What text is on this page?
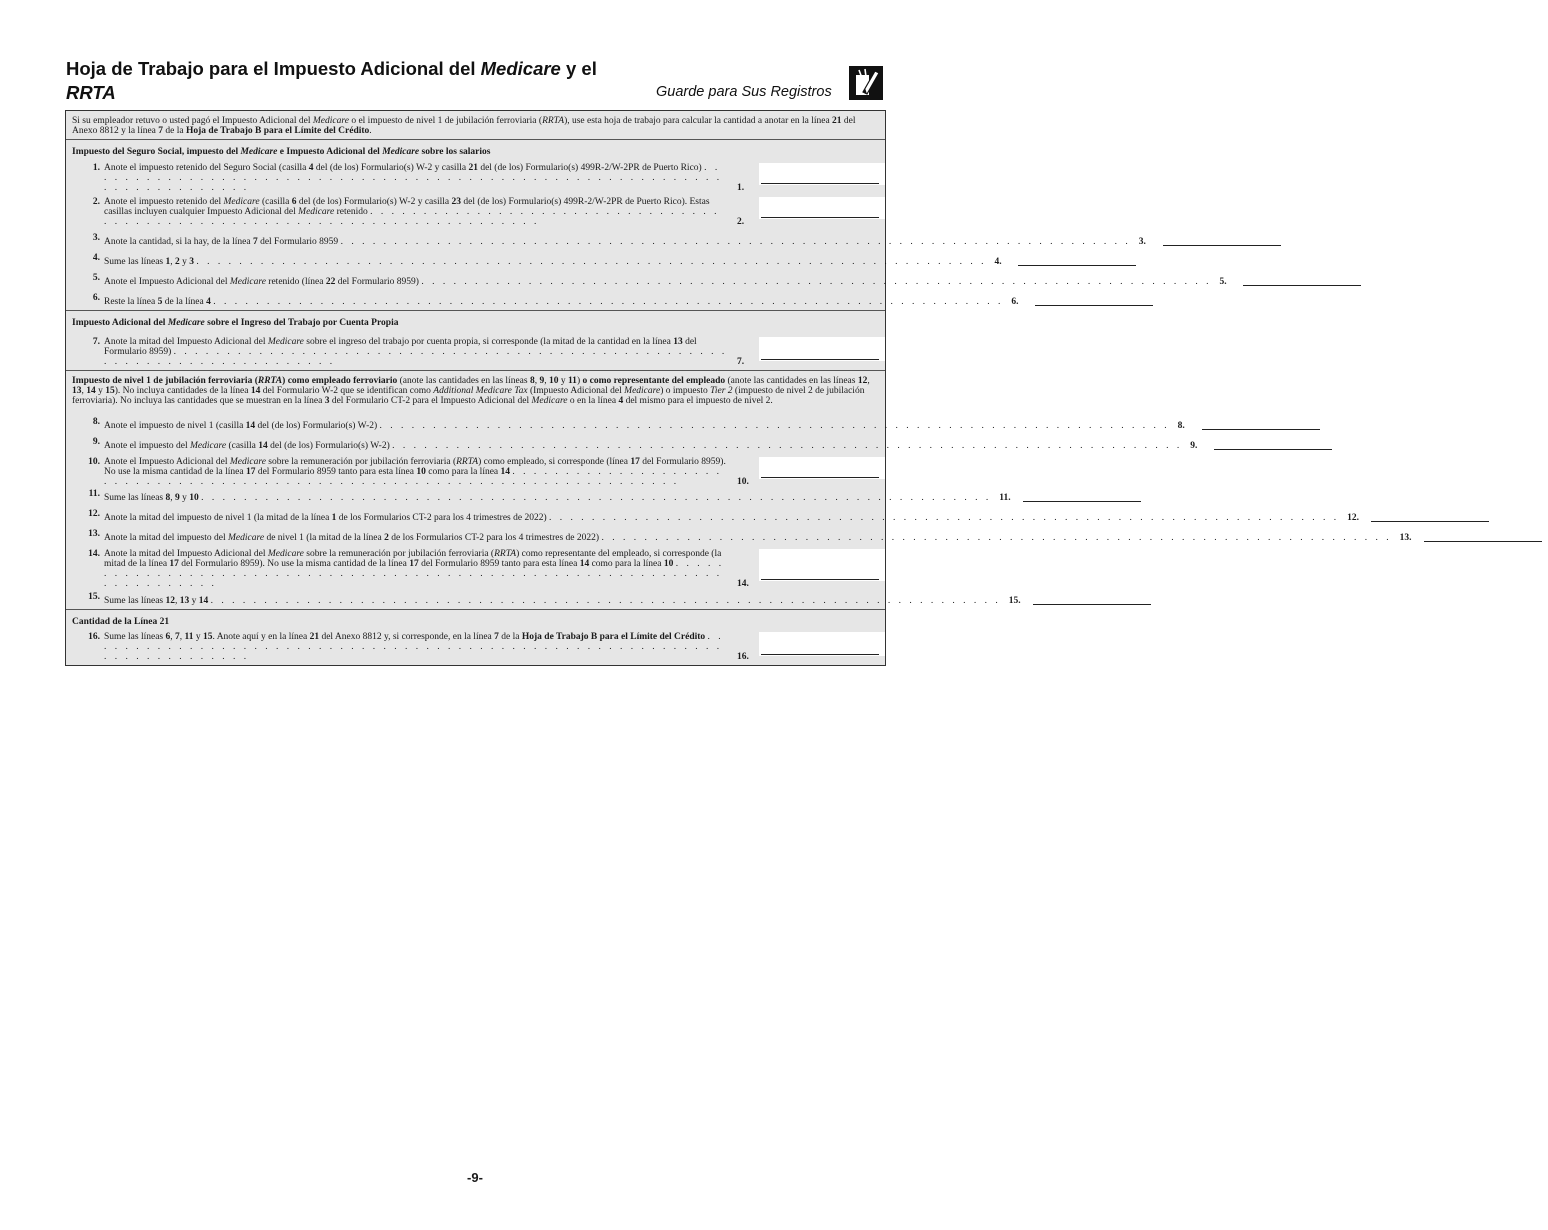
Hoja de Trabajo para el Impuesto Adicional del Medicare y el
RRTA	Guarde para Sus Registros
Si su empleador retuvo o usted pagó el Impuesto Adicional del Medicare o el impuesto de nivel 1 de jubilación ferroviaria (RRTA), use esta hoja de trabajo para calcular la cantidad a anotar en la línea 21 del Anexo 8812 y la línea 7 de la Hoja de Trabajo B para el Límite del Crédito.
Impuesto del Seguro Social, impuesto del Medicare e Impuesto Adicional del Medicare sobre los salarios
1. Anote el impuesto retenido del Seguro Social (casilla 4 del (de los) Formulario(s) W-2 y casilla 21 del (de los) Formulario(s) 499R-2/W-2PR de Puerto Rico) . . . . . . . . . . . . . . . . . . . . . . . . . . . . . . . . . . . . . . . . . . . . . . . . . . . . . . . . . . . . . . . . . . . . . . . . . .	1.
2. Anote el impuesto retenido del Medicare (casilla 6 del (de los) Formulario(s) W-2 y casilla 23 del (de los) Formulario(s) 499R-2/W-2PR de Puerto Rico). Estas casillas incluyen cualquier Impuesto Adicional del Medicare retenido . . . . . . . . . . . . . . . . . . . . . . . . . . . . . . . . . . . . . . . . . . . . . . . . . . . . . . . . . . . . . . . . . . . . . . . . . .	2.
3. Anote la cantidad, si la hay, de la línea 7 del Formulario 8959 . . . . . . . . . . . . . . . . . . . . . . . . . . . . . . . . . . . . . . . . . . . . . . . . . . . . . . . . . . . . . . . . . . . . . . . . . . 3.
4. Sume las líneas 1, 2 y 3 . . . . . . . . . . . . . . . . . . . . . . . . . . . . . . . . . . . . . . . . . . . . . . . . . . . . . . . . . . . . . . . . . . . . . . . . . . 4.
5. Anote el Impuesto Adicional del Medicare retenido (línea 22 del Formulario 8959) . . . . . . . . . . . . . . . . . . . . . . . . . . . . . . . . . . . . . . . . . . . . . . . . . . . . . . . . . . . . . . . . . . . . . . . . . . 5.
6. Reste la línea 5 de la línea 4 . . . . . . . . . . . . . . . . . . . . . . . . . . . . . . . . . . . . . . . . . . . . . . . . . . . . . . . . . . . . . . . . . . . . . . . . . . 6.
Impuesto Adicional del Medicare sobre el Ingreso del Trabajo por Cuenta Propia
7. Anote la mitad del Impuesto Adicional del Medicare sobre el ingreso del trabajo por cuenta propia, si corresponde (la mitad de la cantidad en la línea 13 del Formulario 8959) . . . . . . . . . . . . . . . . . . . . . . . . . . . . . . . . . . . . . . . . . . . . . . . . . . . . . . . . . . . . . . . . . . . . . . . . . .	7.
Impuesto de nivel 1 de jubilación ferroviaria (RRTA) como empleado ferroviario (anote las cantidades en las líneas 8, 9, 10 y 11) o como representante del empleado (anote las cantidades en las líneas 12, 13, 14 y 15). No incluya cantidades de la línea 14 del Formulario W-2 que se identifican como Additional Medicare Tax (Impuesto Adicional del Medicare) o impuesto Tier 2 (impuesto de nivel 2 de jubilación ferroviaria). No incluya las cantidades que se muestran en la línea 3 del Formulario CT-2 para el Impuesto Adicional del Medicare o en la línea 4 del mismo para el impuesto de nivel 2.
8. Anote el impuesto de nivel 1 (casilla 14 del (de los) Formulario(s) W-2) . . . . . . . . . . . . . . . . . . . . . . . . . . . . . . . . . . . . . . . . . . . . . . . . . . . . . . . . . . . . . . . . . . . . . . . . . . 8.
9. Anote el impuesto del Medicare (casilla 14 del (de los) Formulario(s) W-2) . . . . . . . . . . . . . . . . . . . . . . . . . . . . . . . . . . . . . . . . . . . . . . . . . . . . . . . . . . . . . . . . . . . . . . . . . . 9.
10. Anote el Impuesto Adicional del Medicare sobre la remuneración por jubilación ferroviaria (RRTA) como empleado, si corresponde (línea 17 del Formulario 8959). No use la misma cantidad de la línea 17 del Formulario 8959 tanto para esta línea 10 como para la línea 14 . . . . . . . . . . . . . . . . . . . . . . . . . . . . . . . . . . . . . . . . . . . . . . . . . . . . . . . . . . . . . . . . . . . . . . . . . .	10.
11. Sume las líneas 8, 9 y 10 . . . . . . . . . . . . . . . . . . . . . . . . . . . . . . . . . . . . . . . . . . . . . . . . . . . . . . . . . . . . . . . . . . . . . . . . . . 11.
12. Anote la mitad del impuesto de nivel 1 (la mitad de la línea 1 de los Formularios CT-2 para los 4 trimestres de 2022) . . . . . . . . . . . . . . . . . . . . . . . . . . . . . . . . . . . . . . . . . . . . . . . . . . . . . . . . . . . . . . . . . . . . . . . . . . 12.
13. Anote la mitad del impuesto del Medicare de nivel 1 (la mitad de la línea 2 de los Formularios CT-2 para los 4 trimestres de 2022) . . . . . . . . . . . . . . . . . . . . . . . . . . . . . . . . . . . . . . . . . . . . . . . . . . . . . . . . . . . . . . . . . . . . . . . . . . 13.
14. Anote la mitad del Impuesto Adicional del Medicare sobre la remuneración por jubilación ferroviaria (RRTA) como representante del empleado, si corresponde (la mitad de la línea 17 del Formulario 8959). No use la misma cantidad de la línea 17 del Formulario 8959 tanto para esta línea 14 como para la línea 10 . . . . . . . . . . . . . . . . . . . . . . . . . . . . . . . . . . . . . . . . . . . . . . . . . . . . . . . . . . . . . . . . . . . . . . . . . .	14.
15. Sume las líneas 12, 13 y 14 . . . . . . . . . . . . . . . . . . . . . . . . . . . . . . . . . . . . . . . . . . . . . . . . . . . . . . . . . . . . . . . . . . . . . . . . . . 15.
Cantidad de la Línea 21
16. Sume las líneas 6, 7, 11 y 15. Anote aquí y en la línea 21 del Anexo 8812 y, si corresponde, en la línea 7 de la Hoja de Trabajo B para el Límite del Crédito . . . . . . . . . . . . . . . . . . . . . . . . . . . . . . . . . . . . . . . . . . . . . . . . . . . . . . . . . . . . . . . . . . . . . . . . . .	16.
-9-
